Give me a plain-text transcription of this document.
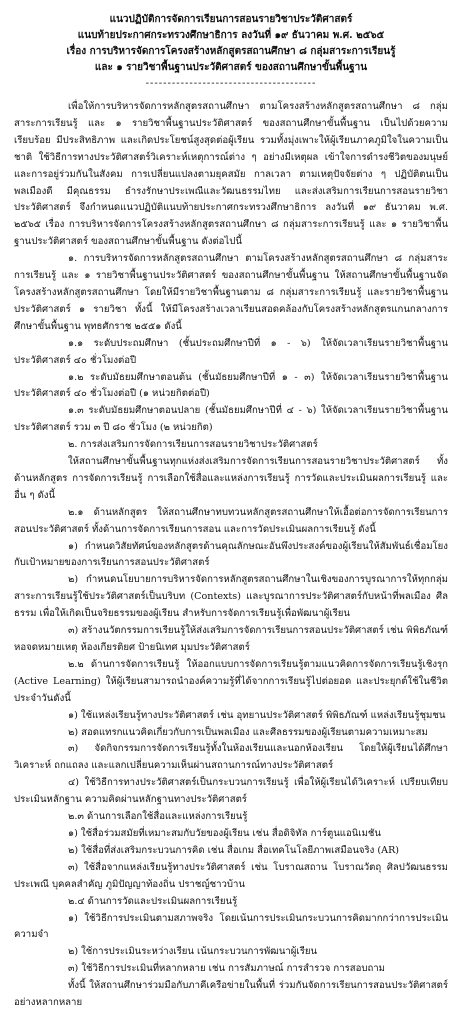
แนวปฏิบัติการจัดการเรียนการสอนรายวิชาประวัติศาสตร์
แนบท้ายประกาศกระทรวงศึกษาธิการ ลงวันที่ ๑๙ ธันวาคม พ.ศ. ๒๕๖๕
เรื่อง การบริหารจัดการโครงสร้างหลักสูตรสถานศึกษา ๘ กลุ่มสาระการเรียนรู้
และ ๑ รายวิชาพื้นฐานประวัติศาสตร์ ของสถานศึกษาขั้นพื้นฐาน
---------------------------------------

เพื่อให้การบริหารจัดการหลักสูตรสถานศึกษา ตามโครงสร้างหลักสูตรสถานศึกษา ๘ กลุ่มสาระการเรียนรู้ และ ๑ รายวิชาพื้นฐานประวัติศาสตร์ ของสถานศึกษาขั้นพื้นฐาน เป็นไปด้วยความเรียบร้อย มีประสิทธิภาพ และเกิดประโยชน์สูงสุดต่อผู้เรียน รวมทั้งมุ่งเพาะให้ผู้เรียนภาคภูมิใจในความเป็นชาติ ใช้วิธีการทางประวัติศาสตร์วิเคราะห์เหตุการณ์ต่าง ๆ อย่างมีเหตุผล เข้าใจการดำรงชีวิตของมนุษย์และการอยู่ร่วมกันในสังคม การเปลี่ยนแปลงตามยุคสมัย กาลเวลา ตามเหตุปัจจัยต่าง ๆ ปฏิบัติตนเป็นพลเมืองดี มีคุณธรรม ธำรงรักษาประเพณีและวัฒนธรรมไทย และส่งเสริมการเรียนการสอนรายวิชาประวัติศาสตร์ จึงกำหนดแนวปฏิบัติแนบท้ายประกาศกระทรวงศึกษาธิการ ลงวันที่ ๑๙ ธันวาคม พ.ศ. ๒๕๖๕ เรื่อง การบริหารจัดการโครงสร้างหลักสูตรสถานศึกษา ๘ กลุ่มสาระการเรียนรู้ และ ๑ รายวิชาพื้นฐานประวัติศาสตร์ ของสถานศึกษาขั้นพื้นฐาน ดังต่อไปนี้

๑. การบริหารจัดการหลักสูตรสถานศึกษา ตามโครงสร้างหลักสูตรสถานศึกษา ๘ กลุ่มสาระการเรียนรู้ และ ๑ รายวิชาพื้นฐานประวัติศาสตร์ ของสถานศึกษาขั้นพื้นฐาน ให้สถานศึกษาขั้นพื้นฐานจัดโครงสร้างหลักสูตรสถานศึกษา โดยให้มีรายวิชาพื้นฐานตาม ๘ กลุ่มสาระการเรียนรู้ และรายวิชาพื้นฐานประวัติศาสตร์ ๑ รายวิชา ทั้งนี้ ให้มีโครงสร้างเวลาเรียนสอดคล้องกับโครงสร้างหลักสูตรแกนกลางการศึกษาขั้นพื้นฐาน พุทธศักราช ๒๕๕๑ ดังนี้

๑.๑ ระดับประถมศึกษา (ชั้นประถมศึกษาปีที่ ๑ - ๖) ให้จัดเวลาเรียนรายวิชาพื้นฐานประวัติศาสตร์ ๔๐ ชั่วโมงต่อปี

๑.๒ ระดับมัธยมศึกษาตอนต้น (ชั้นมัธยมศึกษาปีที่ ๑ - ๓) ให้จัดเวลาเรียนรายวิชาพื้นฐานประวัติศาสตร์ ๔๐ ชั่วโมงต่อปี (๑ หน่วยกิตต่อปี)

๑.๓ ระดับมัธยมศึกษาตอนปลาย (ชั้นมัธยมศึกษาปีที่ ๔ - ๖) ให้จัดเวลาเรียนรายวิชาพื้นฐานประวัติศาสตร์ รวม ๓ ปี ๘๐ ชั่วโมง (๒ หน่วยกิต)

๒. การส่งเสริมการจัดการเรียนการสอนรายวิชาประวัติศาสตร์

ให้สถานศึกษาขั้นพื้นฐานทุกแห่งส่งเสริมการจัดการเรียนการสอนรายวิชาประวัติศาสตร์ ทั้งด้านหลักสูตร การจัดการเรียนรู้ การเลือกใช้สื่อและแหล่งการเรียนรู้ การวัดและประเมินผลการเรียนรู้ และอื่น ๆ ดังนี้

๒.๑ ด้านหลักสูตร ให้สถานศึกษาทบทวนหลักสูตรสถานศึกษาให้เอื้อต่อการจัดการเรียนการสอนประวัติศาสตร์ ทั้งด้านการจัดการเรียนการสอน และการวัดประเมินผลการเรียนรู้ ดังนี้

๑) กำหนดวิสัยทัศน์ของหลักสูตรด้านคุณลักษณะอันพึงประสงค์ของผู้เรียนให้สัมพันธ์เชื่อมโยงกับเป้าหมายของการเรียนการสอนประวัติศาสตร์

๒) กำหนดนโยบายการบริหารจัดการหลักสูตรสถานศึกษาในเชิงของการบูรณาการให้ทุกกลุ่มสาระการเรียนรู้ใช้ประวัติศาสตร์เป็นบริบท (Contexts) และบูรณาการประวัติศาสตร์กับหน้าที่พลเมือง ศีลธรรม เพื่อให้เกิดเป็นจริยธรรมของผู้เรียน สำหรับการจัดการเรียนรู้เพื่อพัฒนาผู้เรียน

๓) สร้างนวัตกรรมการเรียนรู้ให้ส่งเสริมการจัดการเรียนการสอนประวัติศาสตร์ เช่น พิพิธภัณฑ์ หอจดหมายเหตุ ห้องเกียรติยศ ป้ายนิเทศ มุมประวัติศาสตร์

๒.๒ ด้านการจัดการเรียนรู้ ให้ออกแบบการจัดการเรียนรู้ตามแนวคิดการจัดการเรียนรู้เชิงรุก (Active Learning) ให้ผู้เรียนสามารถนำองค์ความรู้ที่ได้จากการเรียนรู้ไปต่อยอด และประยุกต์ใช้ในชีวิตประจำวันดังนี้

๑) ใช้แหล่งเรียนรู้ทางประวัติศาสตร์ เช่น อุทยานประวัติศาสตร์ พิพิธภัณฑ์ แหล่งเรียนรู้ชุมชน

๒) สอดแทรกแนวคิดเกี่ยวกับการเป็นพลเมือง และศีลธรรมของผู้เรียนตามความเหมาะสม

๓) จัดกิจกรรมการจัดการเรียนรู้ทั้งในห้องเรียนและนอกห้องเรียน โดยให้ผู้เรียนได้ศึกษา วิเคราะห์ ถกแถลง และแลกเปลี่ยนความเห็นผ่านสถานการณ์ทางประวัติศาสตร์

๔) ใช้วิธีการทางประวัติศาสตร์เป็นกระบวนการเรียนรู้ เพื่อให้ผู้เรียนได้วิเคราะห์ เปรียบเทียบ ประเมินหลักฐาน ความคิดผ่านหลักฐานทางประวัติศาสตร์

๒.๓ ด้านการเลือกใช้สื่อและแหล่งการเรียนรู้

๑) ใช้สื่อร่วมสมัยที่เหมาะสมกับวัยของผู้เรียน เช่น สื่อดิจิทัล การ์ตูนแอนิเมชัน

๒) ใช้สื่อที่ส่งเสริมกระบวนการคิด เช่น สื่อเกม สื่อเทคโนโลยีภาพเสมือนจริง (AR)

๓) ใช้สื่อจากแหล่งเรียนรู้ทางประวัติศาสตร์ เช่น โบราณสถาน โบราณวัตถุ ศิลปวัฒนธรรม ประเพณี บุคคลสำคัญ ภูมิปัญญาท้องถิ่น ปราชญ์ชาวบ้าน

๒.๔ ด้านการวัดและประเมินผลการเรียนรู้

๑) ใช้วิธีการประเมินตามสภาพจริง โดยเน้นการประเมินกระบวนการคิดมากกว่าการประเมินความจำ

๒) ใช้การประเมินระหว่างเรียน เน้นกระบวนการพัฒนาผู้เรียน

๓) ใช้วิธีการประเมินที่หลากหลาย เช่น การสัมภาษณ์ การสำรวจ การสอบถาม

ทั้งนี้ ให้สถานศึกษาร่วมมือกับภาคีเครือข่ายในพื้นที่ ร่วมกันจัดการเรียนการสอนประวัติศาสตร์อย่างหลากหลาย
